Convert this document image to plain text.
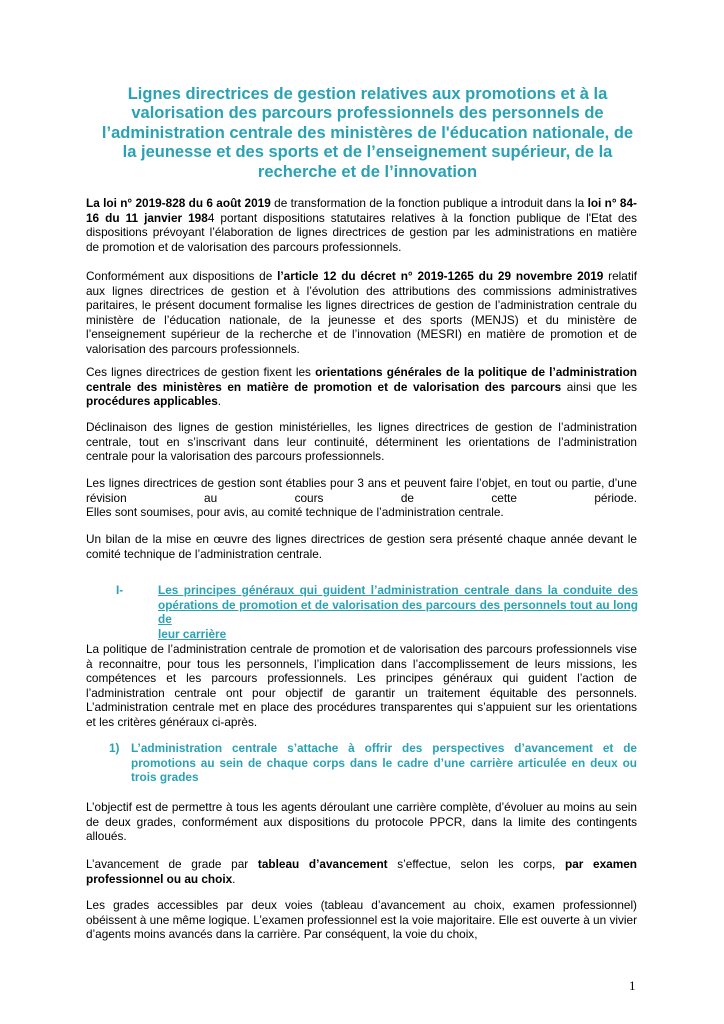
Lignes directrices de gestion relatives aux promotions et à la
valorisation des parcours professionnels des personnels de
l’administration centrale des ministères de l'éducation nationale, de
la jeunesse et des sports et de l’enseignement supérieur, de la
recherche et de l’innovation
La loi n° 2019-828 du 6 août 2019 de transformation de la fonction publique a introduit dans la loi n° 84-16 du 11 janvier 1984 portant dispositions statutaires relatives à la fonction publique de l'Etat des dispositions prévoyant l’élaboration de lignes directrices de gestion par les administrations en matière de promotion et de valorisation des parcours professionnels.
Conformément aux dispositions de l’article 12 du décret n° 2019-1265 du 29 novembre 2019 relatif aux lignes directrices de gestion et à l’évolution des attributions des commissions administratives paritaires, le présent document formalise les lignes directrices de gestion de l’administration centrale du ministère de l’éducation nationale, de la jeunesse et des sports (MENJS) et du ministère de l’enseignement supérieur de la recherche et de l’innovation (MESRI) en matière de promotion et de valorisation des parcours professionnels.
Ces lignes directrices de gestion fixent les orientations générales de la politique de l’administration centrale des ministères en matière de promotion et de valorisation des parcours ainsi que les procédures applicables.
Déclinaison des lignes de gestion ministérielles, les lignes directrices de gestion de l’administration centrale, tout en s’inscrivant dans leur continuité, déterminent les orientations de l’administration centrale pour la valorisation des parcours professionnels.
Les lignes directrices de gestion sont établies pour 3 ans et peuvent faire l’objet, en tout ou partie, d’une révision au cours de cette période. Elles sont soumises, pour avis, au comité technique de l’administration centrale.
Un bilan de la mise en œuvre des lignes directrices de gestion sera présenté chaque année devant le comité technique de l’administration centrale.
I-	Les principes généraux qui guident l’administration centrale dans la conduite des
opérations de promotion et de valorisation des parcours des personnels tout au long de
leur carrière
La politique de l’administration centrale de promotion et de valorisation des parcours professionnels vise à reconnaitre, pour tous les personnels, l’implication dans l’accomplissement de leurs missions, les compétences et les parcours professionnels. Les principes généraux qui guident l’action de l’administration centrale ont pour objectif de garantir un traitement équitable des personnels. L’administration centrale met en place des procédures transparentes qui s’appuient sur les orientations et les critères généraux ci-après.
1) L’administration centrale s’attache à offrir des perspectives d’avancement et de
promotions au sein de chaque corps dans le cadre d’une carrière articulée en deux ou
trois grades
L’objectif est de permettre à tous les agents déroulant une carrière complète, d’évoluer au moins au sein de deux grades, conformément aux dispositions du protocole PPCR, dans la limite des contingents alloués.
L’avancement de grade par tableau d’avancement s’effectue, selon les corps, par examen professionnel ou au choix.
Les grades accessibles par deux voies (tableau d’avancement au choix, examen professionnel) obéissent à une même logique. L’examen professionnel est la voie majoritaire. Elle est ouverte à un vivier d’agents moins avancés dans la carrière. Par conséquent, la voie du choix,
1
